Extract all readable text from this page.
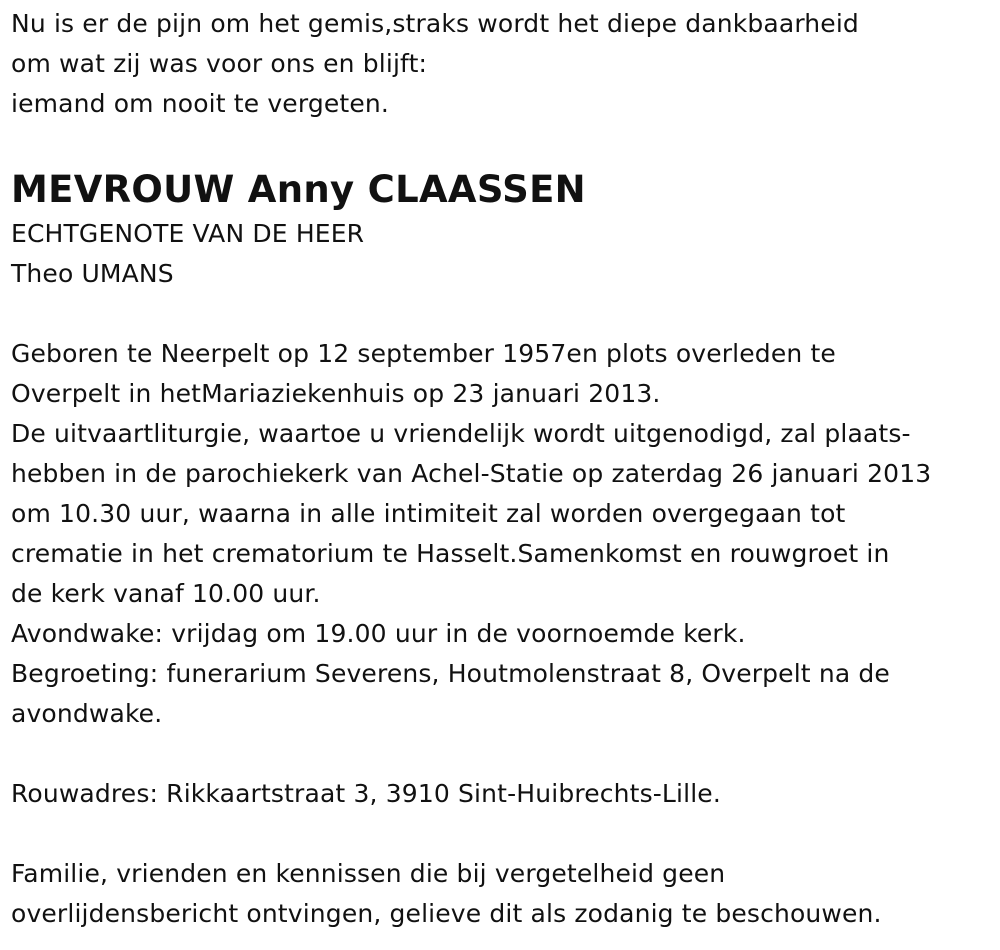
Nu is er de pijn om het gemis,straks wordt het diepe dankbaarheid
om wat zij was voor ons en blijft:
iemand om nooit te vergeten.
MEVROUW Anny CLAASSEN
ECHTGENOTE VAN DE HEER
Theo UMANS
Geboren te Neerpelt op 12 september 1957en plots overleden te
Overpelt in hetMariaziekenhuis op 23 januari 2013.
De uitvaartliturgie, waartoe u vriendelijk wordt uitgenodigd, zal plaats-
hebben in de parochiekerk van Achel-Statie op zaterdag 26 januari 2013
om 10.30 uur, waarna in alle intimiteit zal worden overgegaan tot
crematie in het crematorium te Hasselt.Samenkomst en rouwgroet in
de kerk vanaf 10.00 uur.
Avondwake: vrijdag om 19.00 uur in de voornoemde kerk.
Begroeting: funerarium Severens, Houtmolenstraat 8, Overpelt na de
avondwake.
Rouwadres: Rikkaartstraat 3, 3910 Sint-Huibrechts-Lille.
Familie, vrienden en kennissen die bij vergetelheid geen
overlijdensbericht ontvingen, gelieve dit als zodanig te beschouwen.
